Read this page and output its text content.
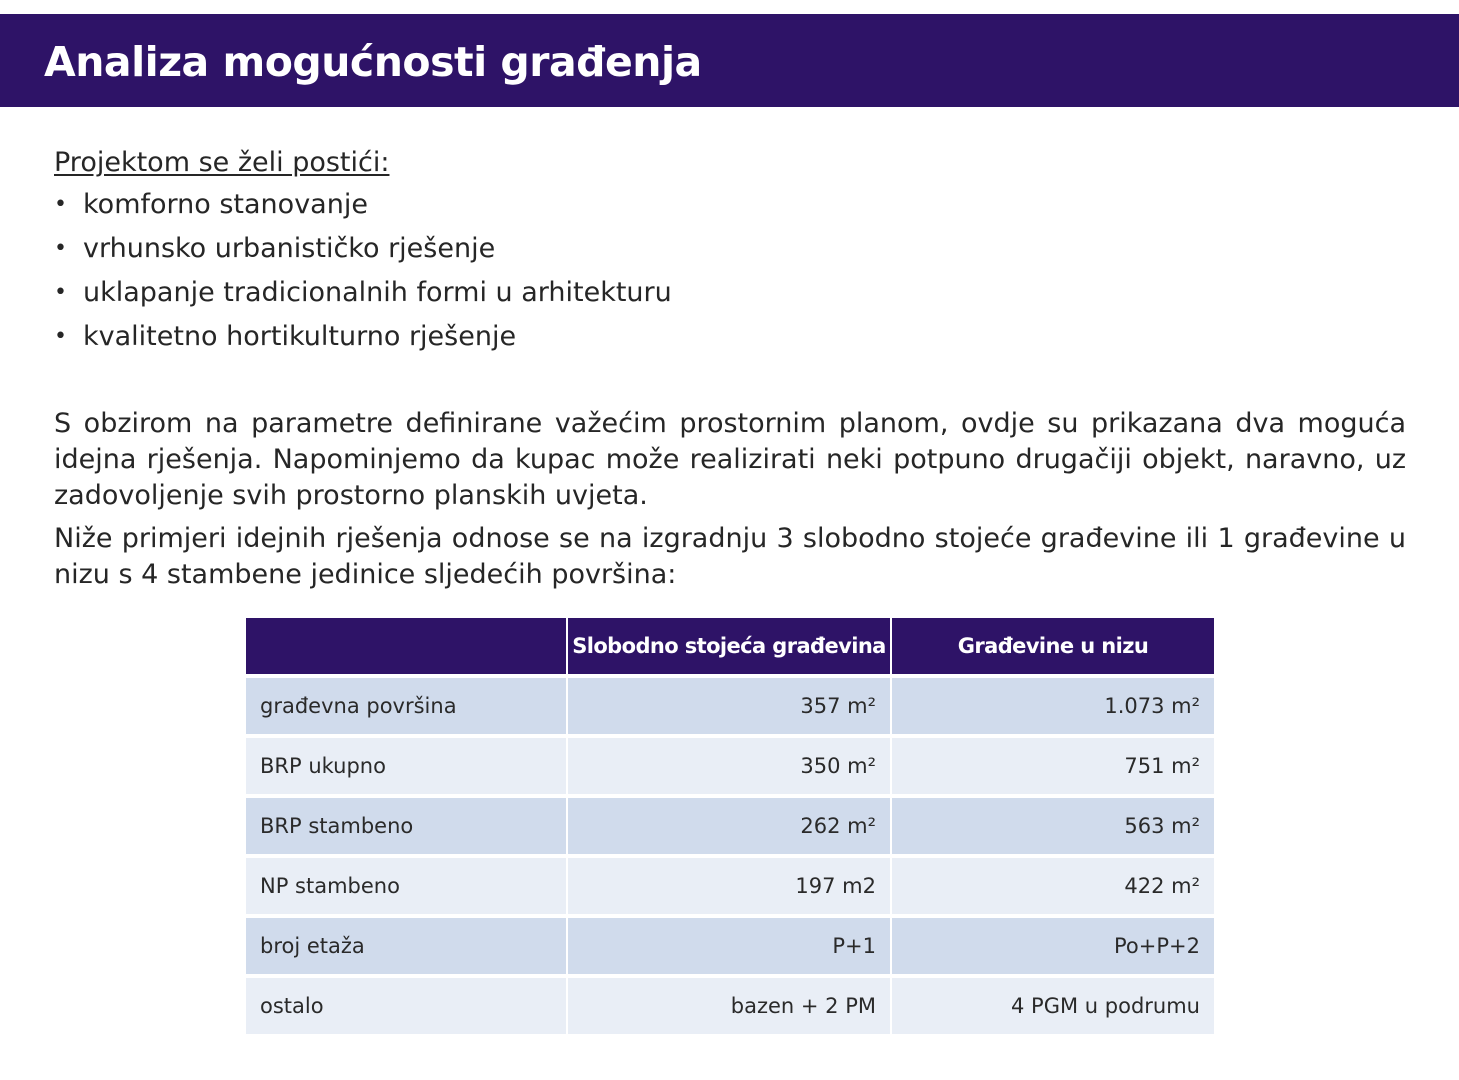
Analiza mogućnosti građenja
Projektom se želi postići:
• komforno stanovanje
• vrhunsko urbanističko rješenje
• uklapanje tradicionalnih formi u arhitekturu
• kvalitetno hortikulturno rješenje

S obzirom na parametre definirane važećim prostornim planom, ovdje su prikazana dva moguća idejna rješenja. Napominjemo da kupac može realizirati neki potpuno drugačiji objekt, naravno, uz zadovoljenje svih prostorno planskih uvjeta.

Niže primjeri idejnih rješenja odnose se na izgradnju 3 slobodno stojeće građevine ili 1 građevine u nizu s 4 stambene jedinice sljedećih površina:

	Slobodno stojeća građevina	Građevine u nizu
građevna površina	357 m²	1.073 m²
BRP ukupno	350 m²	751 m²
BRP stambeno	262 m²	563 m²
NP stambeno	197 m2	422 m²
broj etaža	P+1	Po+P+2
ostalo	bazen + 2 PM	4 PGM u podrumu
